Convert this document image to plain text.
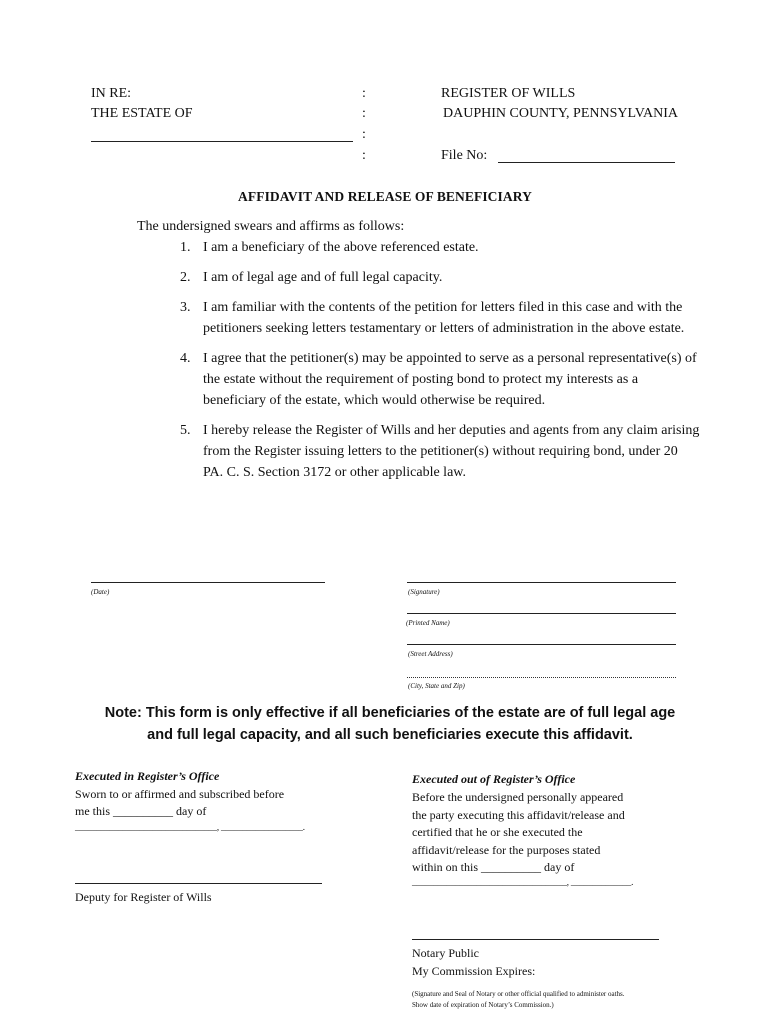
IN RE:
THE ESTATE OF
:
:
:
:
REGISTER OF WILLS
DAUPHIN COUNTY, PENNSYLVANIA
File No:
AFFIDAVIT AND RELEASE OF BENEFICIARY
The undersigned swears and affirms as follows:
1. I am a beneficiary of the above referenced estate.
2. I am of legal age and of full legal capacity.
3. I am familiar with the contents of the petition for letters filed in this case and with the petitioners seeking letters testamentary or letters of administration in the above estate.
4. I agree that the petitioner(s) may be appointed to serve as a personal representative(s) of the estate without the requirement of posting bond to protect my interests as a beneficiary of the estate, which would otherwise be required.
5. I hereby release the Register of Wills and her deputies and agents from any claim arising from the Register issuing letters to the petitioner(s) without requiring bond, under 20 PA. C. S. Section 3172 or other applicable law.
(Date)	(Signature)
(Printed Name)
(Street Address)
(City, State and Zip)
Note: This form is only effective if all beneficiaries of the estate are of full legal age
and full legal capacity, and all such beneficiaries execute this affidavit.
Executed in Register’s Office
Sworn to or affirmed and subscribed before
me this __________ day of
_________________________________, ___________________.
Deputy for Register of Wills
Executed out of Register’s Office
Before the undersigned personally appeared
the party executing this affidavit/release and
certified that he or she executed the
affidavit/release for the purposes stated
within on this __________ day of
____________________________________, ______________.
Notary Public
My Commission Expires:
(Signature and Seal of Notary or other official qualified to administer oaths.
Show date of expiration of Notary’s Commission.)
